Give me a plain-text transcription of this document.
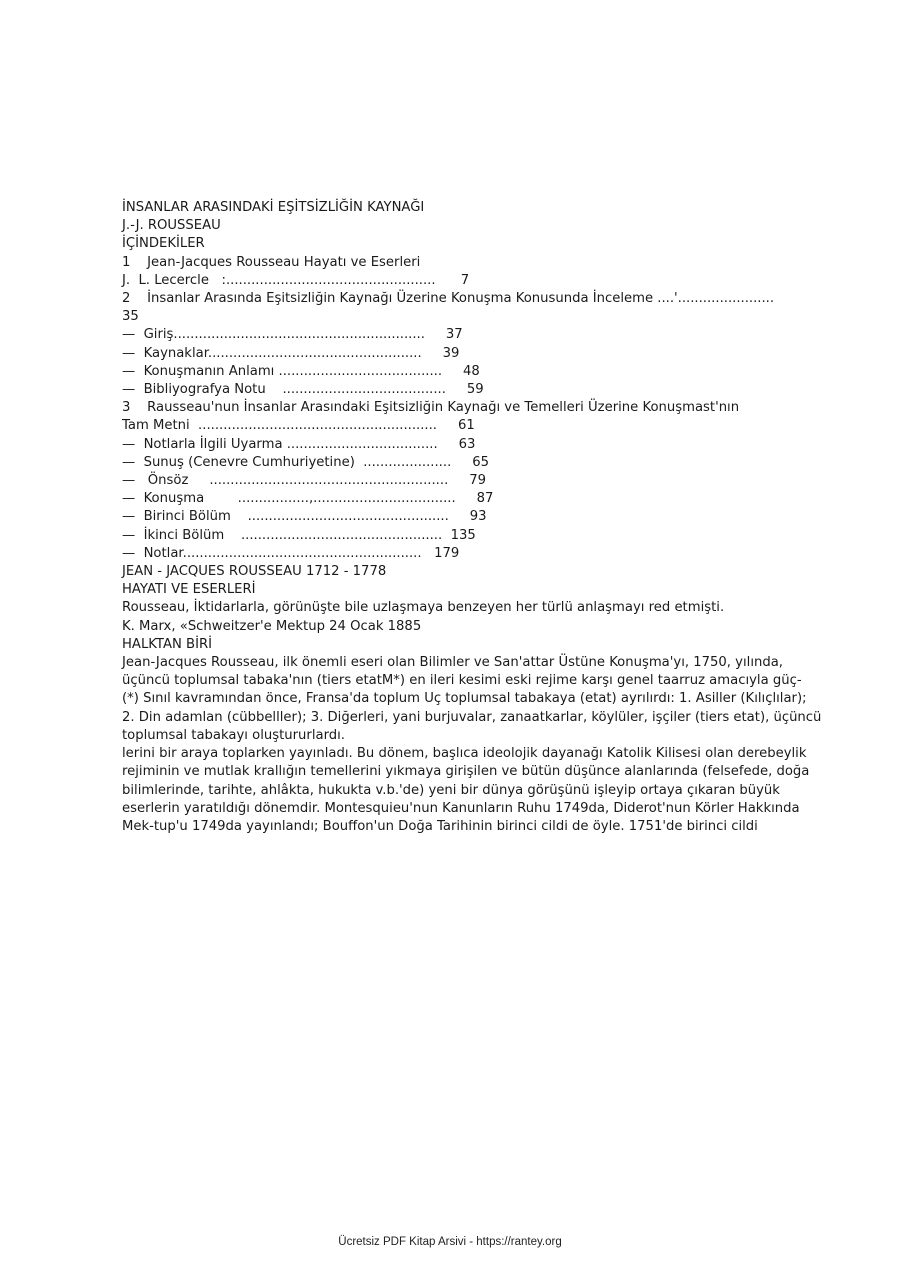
İNSANLAR ARASINDAKİ EŞİTSİZLİĞİN KAYNAĞI
J.-J. ROUSSEAU
İÇİNDEKİLER
1    Jean-Jacques Rousseau Hayatı ve Eserleri
J.  L. Lecercle   :..................................................      7
2    İnsanlar Arasında Eşitsizliğin Kaynağı Üzerine Konuşma Konusunda İnceleme ....'.......................
35
—  Giriş............................................................     37
—  Kaynaklar...................................................     39
—  Konuşmanın Anlamı .......................................     48
—  Bibliyografya Notu    .......................................     59
3    Rausseau'nun İnsanlar Arasındaki Eşitsizliğin Kaynağı ve Temelleri Üzerine Konuşmast'nın
Tam Metni  .........................................................     61
—  Notlarla İlgili Uyarma ....................................     63
—  Sunuş (Cenevre Cumhuriyetine)  .....................     65
—   Önsöz     .........................................................     79
—  Konuşma        .................,..................................     87
—  Birinci Bölüm    ................................................     93
—  İkinci Bölüm    ................................................  135
—  Notlar.........................................................   179
JEAN - JACQUES ROUSSEAU 1712 - 1778
HAYATI VE ESERLERİ
Rousseau, İktidarlarla, görünüşte bile uzlaşmaya benzeyen her türlü anlaşmayı red etmişti.
K. Marx, «Schweitzer'e Mektup 24 Ocak 1885
HALKTAN BİRİ
Jean-Jacques Rousseau, ilk önemli eseri olan Bilimler ve San'attar Üstüne Konuşma'yı, 1750, yılında, üçüncü toplumsal tabaka'nın (tiers etatM*) en ileri kesimi eski rejime karşı genel taarruz amacıyla güç-
(*) Sınıl kavramından önce, Fransa'da toplum Uç toplumsal tabakaya (etat) ayrılırdı: 1. Asiller (Kılıçlılar); 2. Din adamlan (cübbelller); 3. Diğerleri, yani burjuvalar, zanaatkarlar, köylüler, işçiler (tiers etat), üçüncü toplumsal tabakayı oluştururlardı.
lerini bir araya toplarken yayınladı. Bu dönem, başlıca ideolojik dayanağı Katolik Kilisesi olan derebeylik rejiminin ve mutlak krallığın temellerini yıkmaya girişilen ve bütün düşünce alanlarında (felsefede, doğa bilimlerinde, tarihte, ahlâkta, hukukta v.b.'de) yeni bir dünya görüşünü işleyip ortaya çıkaran büyük eserlerin yaratıldığı dönemdir. Montesquieu'nun Kanunların Ruhu 1749da, Diderot'nun Körler Hakkında Mek-tup'u 1749da yayınlandı; Bouffon'un Doğa Tarihinin birinci cildi de öyle. 1751'de birinci cildi
Ücretsiz PDF Kitap Arsivi - https://rantey.org
